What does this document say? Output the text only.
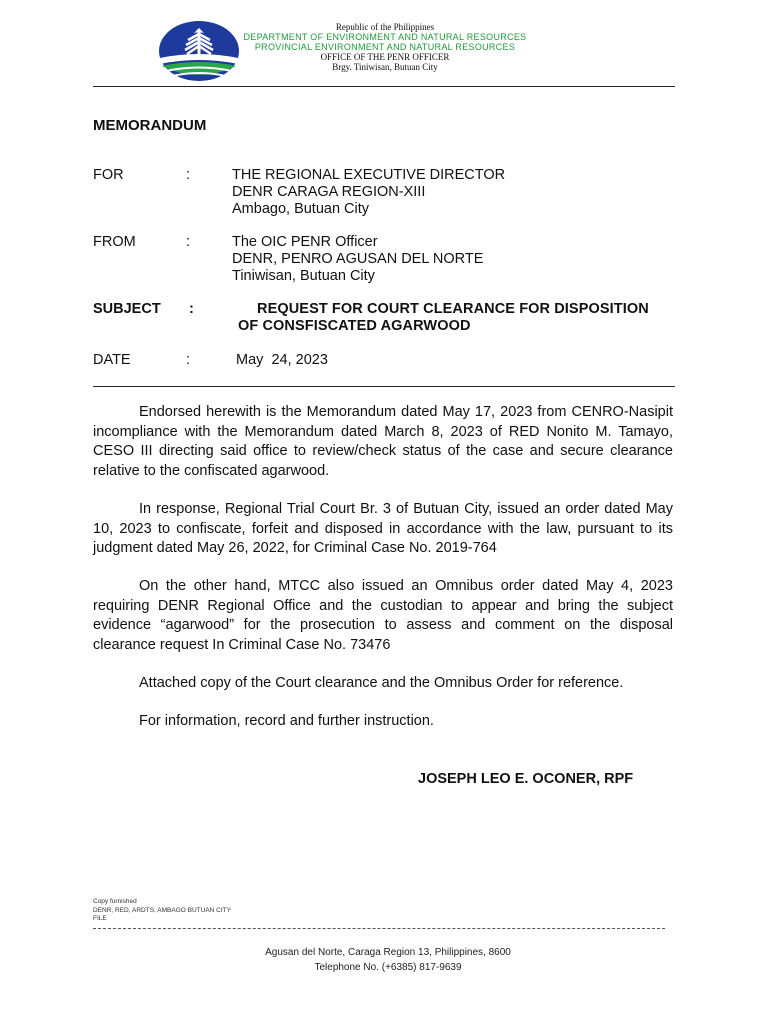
Republic of the Philippines
DEPARTMENT OF ENVIRONMENT AND NATURAL RESOURCES
PROVINCIAL ENVIRONMENT AND NATURAL RESOURCES
OFFICE OF THE PENR OFFICER
Brgy. Tiniwisan, Butuan City
MEMORANDUM
FOR	:	THE REGIONAL EXECUTIVE DIRECTOR
DENR CARAGA REGION-XIII
Ambago, Butuan City
FROM	:	The OIC PENR Officer
DENR, PENRO AGUSAN DEL NORTE
Tiniwisan, Butuan City
SUBJECT :	REQUEST FOR COURT CLEARANCE FOR DISPOSITION
OF CONSFISCATED AGARWOOD
DATE	:	May  24, 2023
Endorsed herewith is the Memorandum dated May 17, 2023 from CENRO-Nasipit incompliance with the Memorandum dated March 8, 2023 of RED Nonito M. Tamayo, CESO III directing said office to review/check status of the case and secure clearance relative to the confiscated agarwood.
In response, Regional Trial Court Br. 3 of Butuan City, issued an order dated May 10, 2023 to confiscate, forfeit and disposed in accordance with the law, pursuant to its judgment dated May 26, 2022, for Criminal Case No. 2019-764
On the other hand, MTCC also issued an Omnibus order dated May 4, 2023 requiring DENR Regional Office and the custodian to appear and bring the subject evidence “agarwood” for the prosecution to assess and comment on the disposal clearance request In Criminal Case No. 73476
Attached copy of the Court clearance and the Omnibus Order for reference.
For information, record and further instruction.
JOSEPH LEO E. OCONER, RPF
Copy furnished
DENR, RED, ARDTS, AMBAGO BUTUAN CITY
FILE
Agusan del Norte, Caraga Region 13, Philippines, 8600
Telephone No. (+6385) 817-9639
